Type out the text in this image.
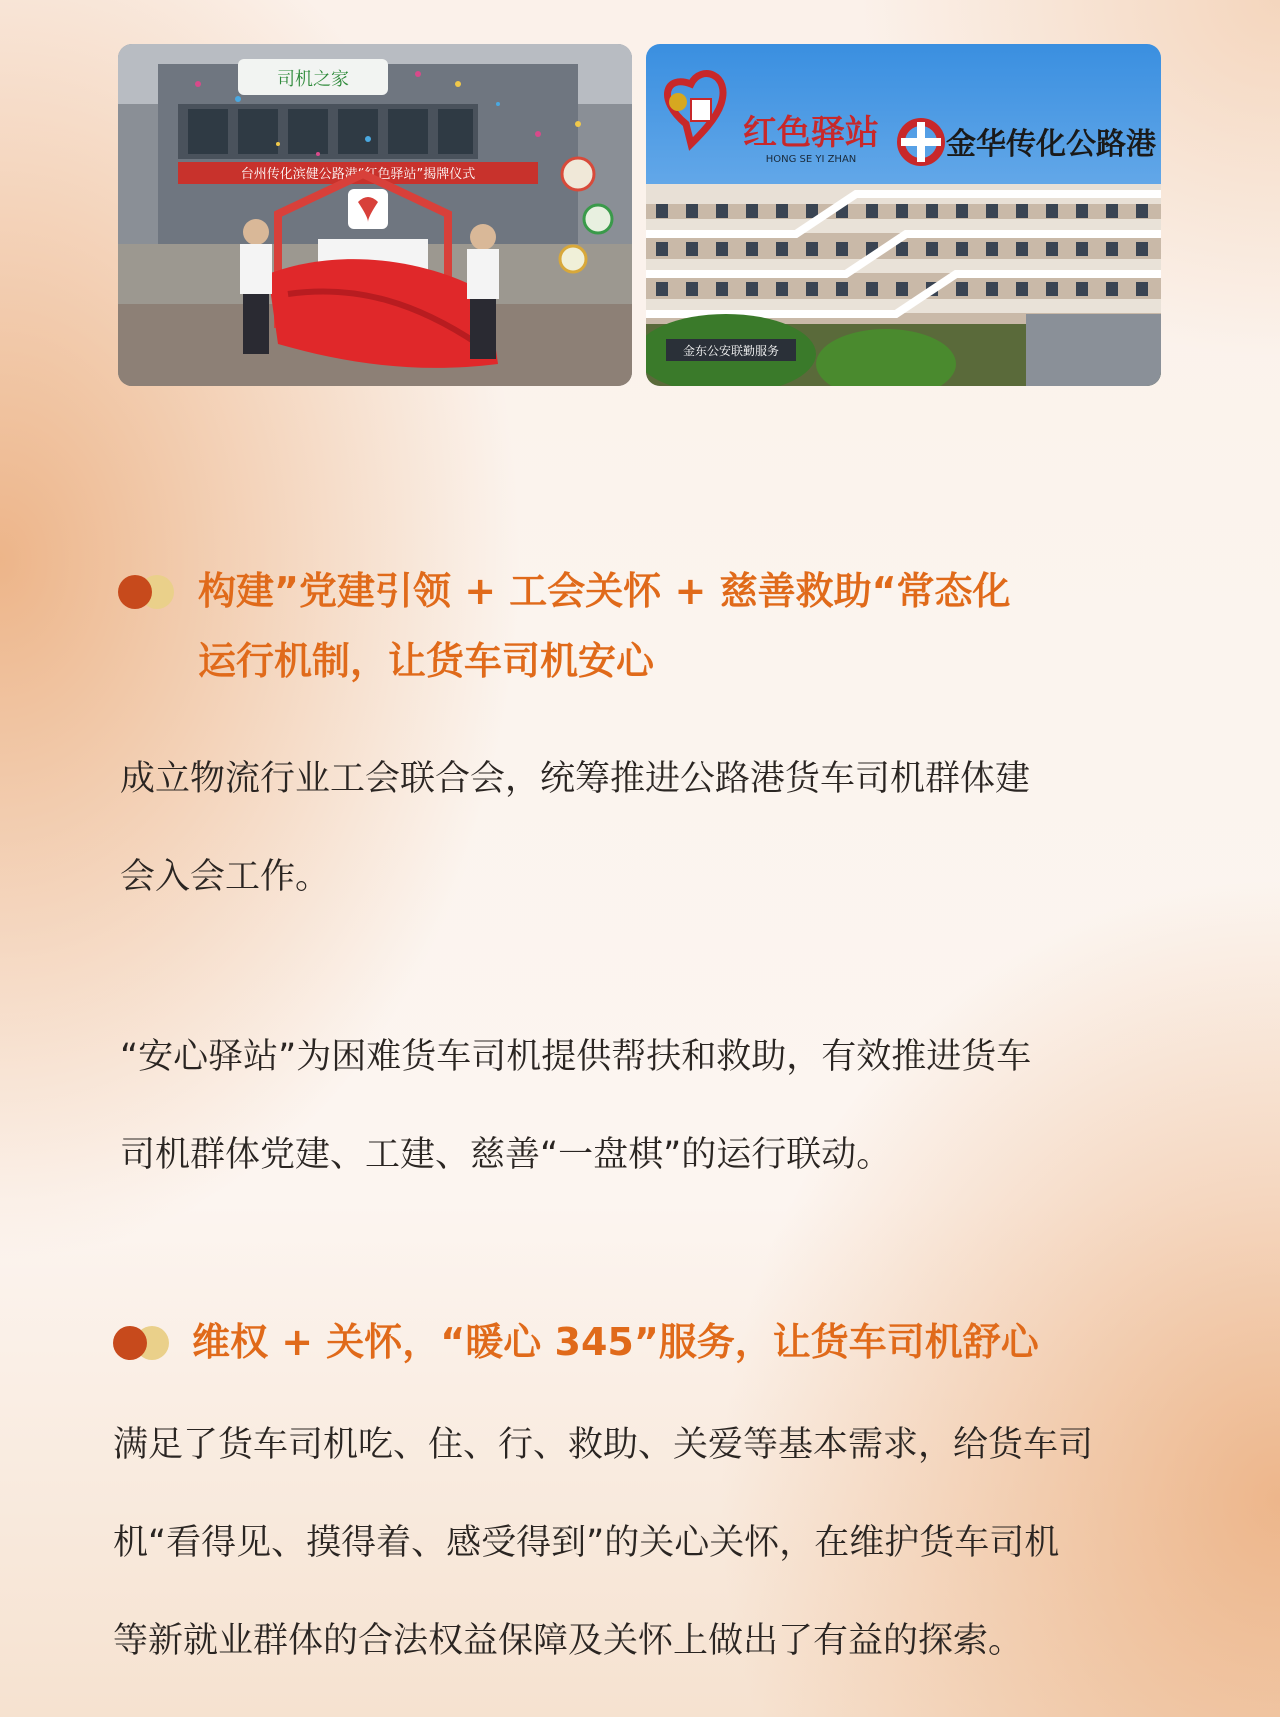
司机之家
台州传化滨健公路港“红色驿站”揭牌仪式
金东公安联勤服务
红色驿站
HONG SE YI ZHAN	金华传化公路港
构建”党建引领 + 工会关怀 + 慈善救助“常态化
运行机制，让货车司机安心
成立物流行业工会联合会，统筹推进公路港货车司机群体建
会入会工作。
“安心驿站”为困难货车司机提供帮扶和救助，有效推进货车
司机群体党建、工建、慈善“一盘棋”的运行联动。
维权 + 关怀，“暖心 345”服务，让货车司机舒心
满足了货车司机吃、住、行、救助、关爱等基本需求，给货车司
机“看得见、摸得着、感受得到”的关心关怀，在维护货车司机
等新就业群体的合法权益保障及关怀上做出了有益的探索。
